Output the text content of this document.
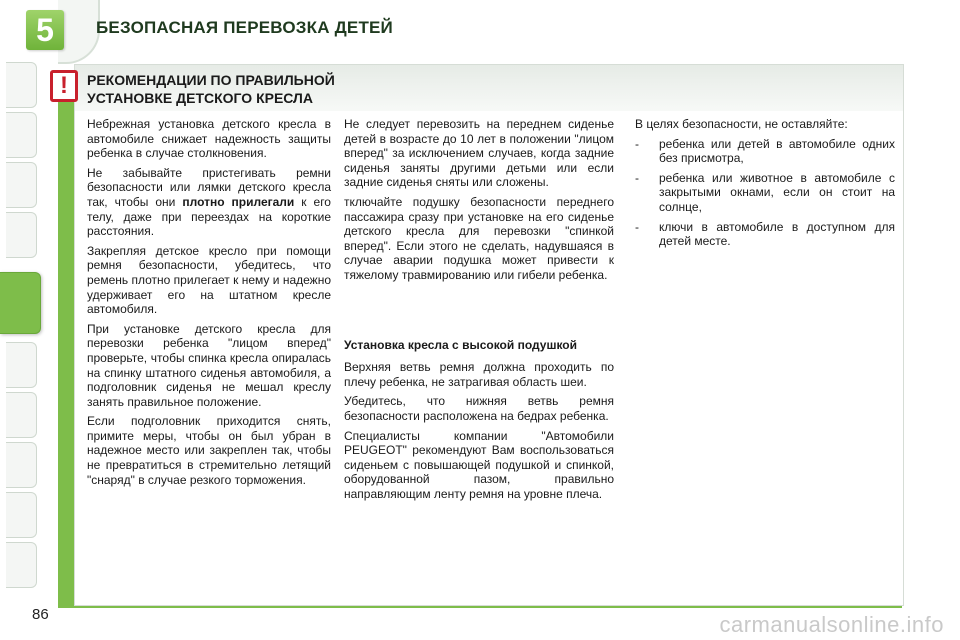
5	БЕЗОПАСНАЯ ПЕРЕВОЗКА ДЕТЕЙ
РЕКОМЕНДАЦИИ ПО ПРАВИЛЬНОЙ
УСТАНОВКЕ ДЕТСКОГО КРЕСЛА

Небрежная установка детского кресла в автомобиле снижает надежность защиты ребенка в случае столкновения.

Не забывайте пристегивать ремни безопасности или лямки детского кресла так, чтобы они плотно прилегали к его телу, даже при переездах на короткие расстояния.

Закрепляя детское кресло при помощи ремня безопасности, убедитесь, что ремень плотно прилегает к нему и надежно удерживает его на штатном кресле автомобиля.

При установке детского кресла для перевозки ребенка "лицом вперед" проверьте, чтобы спинка кресла опиралась на спинку штатного сиденья автомобиля, а подголовник сиденья не мешал креслу занять правильное положение.

Если подголовник приходится снять, примите меры, чтобы он был убран в надежное место или закреплен так, чтобы не превратиться в стремительно летящий "снаряд" в случае резкого торможения.

Не следует перевозить на переднем сиденье детей в возрасте до 10 лет в положении "лицом вперед" за исключением случаев, когда задние сиденья заняты другими детьми или если задние сиденья сняты или сложены.

тключайте подушку безопасности переднего пассажира сразу при установке на его сиденье детского кресла для перевозки "спинкой вперед". Если этого не сделать, надувшаяся в случае аварии подушка может привести к тяжелому травмированию или гибели ребенка.

Установка кресла с высокой подушкой

Верхняя ветвь ремня должна проходить по плечу ребенка, не затрагивая область шеи.

Убедитесь, что нижняя ветвь ремня безопасности расположена на бедрах ребенка.

Специалисты компании "Автомобили PEUGEOT" рекомендуют Вам воспользоваться сиденьем с повышающей подушкой и спинкой, оборудованной пазом, правильно направляющим ленту ремня на уровне плеча.

В целях безопасности, не оставляйте:

-	ребенка или детей в автомобиле одних без присмотра,
-	ребенка или животное в автомобиле с закрытыми окнами, если он стоит на солнце,
-	ключи в автомобиле в доступном для детей месте.
!
86	carmanualsonline.info
